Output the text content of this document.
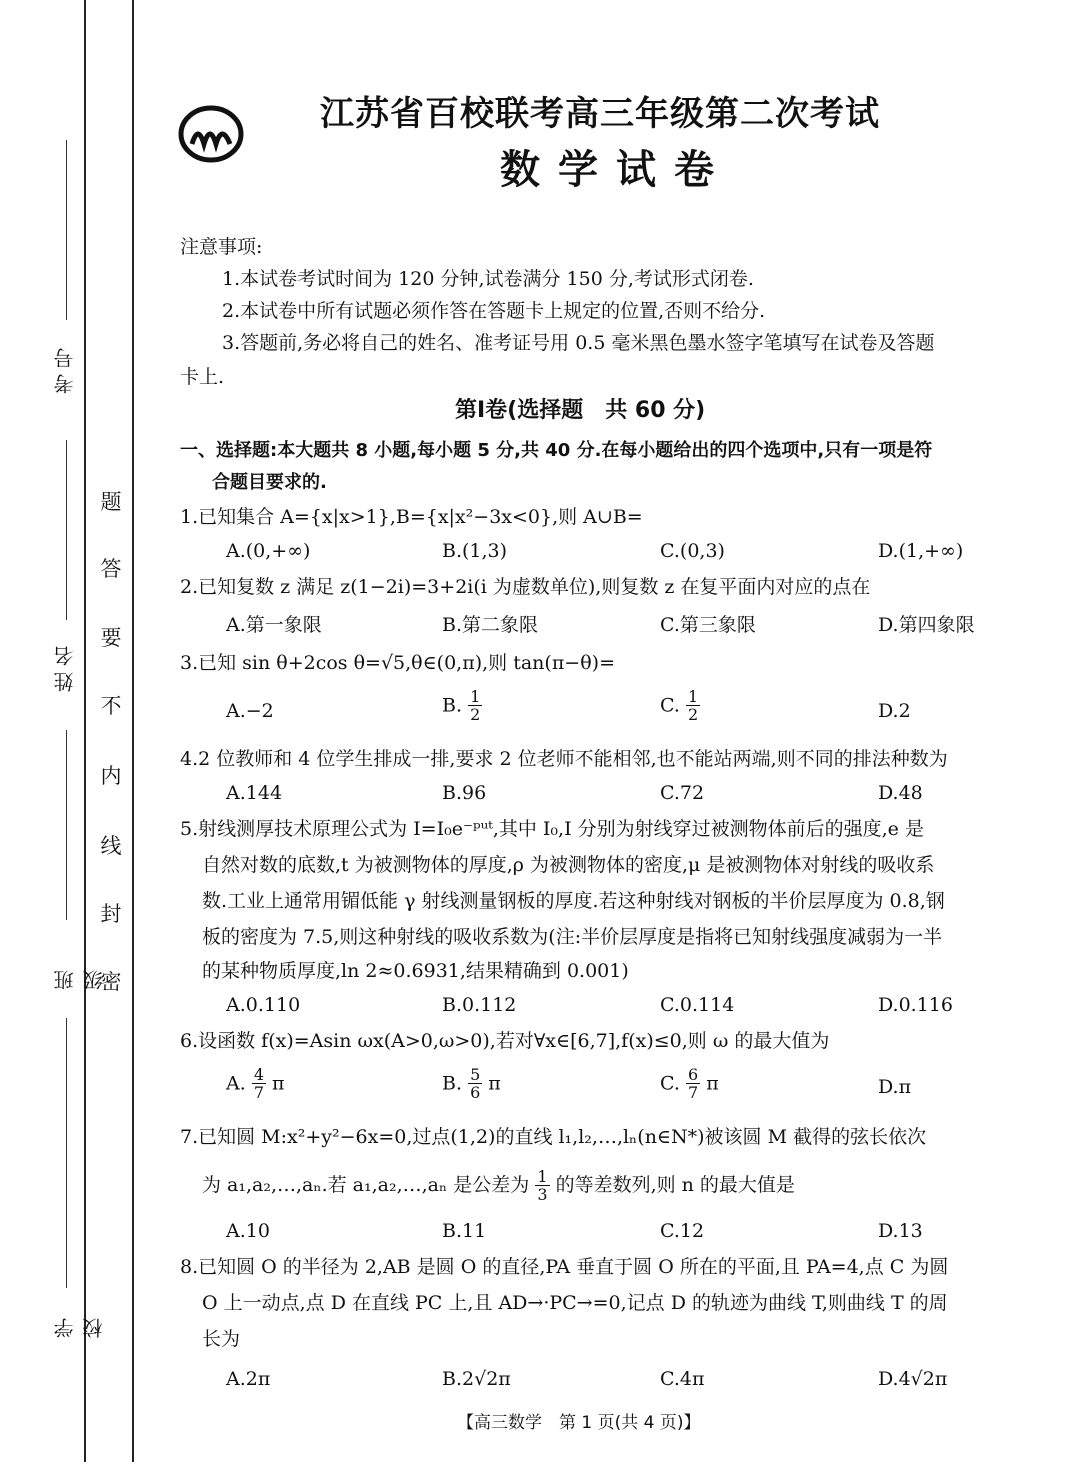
考号
姓名
班级
学校
题
答
要
不
内
线
封
密
江苏省百校联考高三年级第二次考试
数学试卷
注意事项:
1.本试卷考试时间为 120 分钟,试卷满分 150 分,考试形式闭卷.
2.本试卷中所有试题必须作答在答题卡上规定的位置,否则不给分.
3.答题前,务必将自己的姓名、准考证号用 0.5 毫米黑色墨水签字笔填写在试卷及答题
卡上.
第Ⅰ卷(选择题　共 60 分)
一、选择题:本大题共 8 小题,每小题 5 分,共 40 分.在每小题给出的四个选项中,只有一项是符
合题目要求的.
1.已知集合 A={x|x>1},B={x|x²−3x<0},则 A∪B=
A.(0,+∞)	B.(1,3)	C.(0,3)	D.(1,+∞)
2.已知复数 z 满足 z(1−2i)=3+2i(i 为虚数单位),则复数 z 在复平面内对应的点在
A.第一象限	B.第二象限	C.第三象限	D.第四象限
3.已知 sin θ+2cos θ=√5,θ∈(0,π),则 tan(π−θ)=
A.−2	B. $\frac{1}{2}$	C. $\frac{1}{2}$	D.2
4.2 位教师和 4 位学生排成一排,要求 2 位老师不能相邻,也不能站两端,则不同的排法种数为
A.144	B.96	C.72	D.48
5.射线测厚技术原理公式为 I=I₀e⁻ᵖᵘᵗ,其中 I₀,I 分别为射线穿过被测物体前后的强度,e 是
自然对数的底数,t 为被测物体的厚度,ρ 为被测物体的密度,μ 是被测物体对射线的吸收系
数.工业上通常用镅低能 γ 射线测量钢板的厚度.若这种射线对钢板的半价层厚度为 0.8,钢
板的密度为 7.5,则这种射线的吸收系数为(注:半价层厚度是指将已知射线强度减弱为一半
的某种物质厚度,ln 2≈0.6931,结果精确到 0.001)
A.0.110	B.0.112	C.0.114	D.0.116
6.设函数 f(x)=Asin ωx(A>0,ω>0),若对∀x∈[6,7],f(x)≤0,则 ω 的最大值为
A. $\frac{4}{7}$ π	B. $\frac{5}{6}$ π	C. $\frac{6}{7}$ π	D.π
7.已知圆 M:x²+y²−6x=0,过点(1,2)的直线 l₁,l₂,…,lₙ(n∈N*)被该圆 M 截得的弦长依次
为 a₁,a₂,…,aₙ.若 a₁,a₂,…,aₙ 是公差为 $\frac{1}{3}$ 的等差数列,则 n 的最大值是
A.10	B.11	C.12	D.13
8.已知圆 O 的半径为 2,AB 是圆 O 的直径,PA 垂直于圆 O 所在的平面,且 PA=4,点 C 为圆
O 上一动点,点 D 在直线 PC 上,且 AD→·PC→=0,记点 D 的轨迹为曲线 T,则曲线 T 的周
长为
A.2π	B.2√2π	C.4π	D.4√2π
【高三数学　第 1 页(共 4 页)】
